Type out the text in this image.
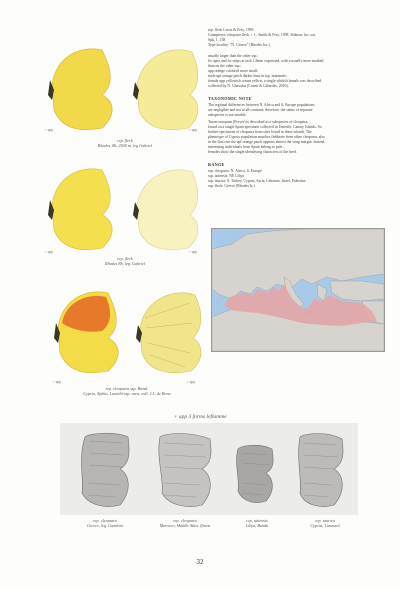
♂ upp	♀ upp
rep. fleck
Rhodes, 8b, 2500 m, leg Gabriel
♂ upp	♀ upp
rep. fleck
Rhodes 8b, leg. Gabriel
♂ upp	♀ upp
rep. cleopatra ssp. Boisd.
Cypria, Sfakia, Lassithi-ssp. area, coll. J.L. de Bono
rep. fleck Lucas & Frey, 1993
Gonepteryx cleopatra fleck ♀ L. Smith & Frey, 1958. Sfakion, loc. sat.
Spk, 1. 138
Type locality: "N. Greece" (Rhodes loc.)
usually larger than the other ssp.;
fw apex and fw strips at tack 1,8mm expressed, with a usually more marked
than on the other ssp.;
upp orange coloured more small;
male upf orange patch darker than in ssp. nominate;
female upp yellowish cream yellow, a single whitish female was described
collected by N. Ghavalas (Cosmi & Gibardes, 2016).
TAXONOMIC NOTE
The regional differences between N. Africa and S. Europe populations
are negligible and not at all constant; therefore, the status of separate
subspecies is not tenable.
Taxon europaea (Freyer) is described as a subspecies of cleopatra,
found on a single Spain specimen collected in Tenerife, Canary Islands. So
further specimens of cleopatra from sites found in these islands. The
phenotype of Cyprus population matches fieldnote from other cleopatra, also
in the first one the upf orange patch appears almost the wing margin. Instead,
interesting individuals from Spain belong to pale...
females show the single identifying characters of the bred.
RANGE
ssp. cleopatra: N. Africa, S. Europe
ssp. taitensis: NE Libya
ssp. taurica: S. Turkey, Cyprus, Syria, Lebanon, Israel, Palestine
ssp. fleck: Greece (Rhodes Is.)
♀ upp 3 forms leflamme
rep. cleopatra
Greece, leg. Gambini
rep. cleopatra
Morocco, Middle Atlas, Ifrane
rep. taitensis
Libya, Banda
rep. taurica
Cyprus, Limassol
32
